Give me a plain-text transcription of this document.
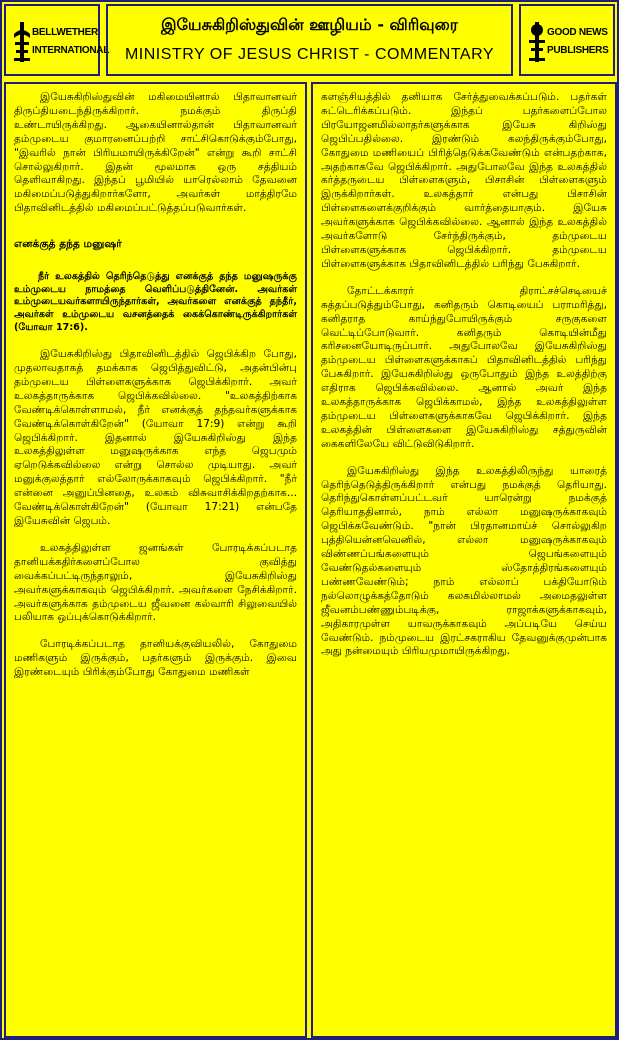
BELLWETHER
INTERNATIONAL
இயேசுகிறிஸ்துவின் ஊழியம் - விரிவுரை
MINISTRY OF JESUS CHRIST - COMMENTARY
GOOD NEWS
PUBLISHERS

இயேசுகிறிஸ்துவின் மகிமையினால் பிதாவானவர் திருப்தியடைந்திருக்கிறார். நமக்கும் திருப்தி உண்டாயிருக்கிறது. ஆகையினால்தான் பிதாவானவர் தம்முடைய குமாரனைப்பற்றி சாட்சிகொடுக்கும்போது, "இவரில் நான் பிரியமாயிருக்கிறேன்" என்று கூறி சாட்சி சொல்லுகிறார். இதன் மூலமாக ஒரு சத்தியம் தெளிவாகிறது. இந்தப் பூமியில் யாரெல்லாம் தேவனை மகிமைப்படுத்துகிறார்களோ, அவர்கள் மாத்திரமே பிதாவினிடத்தில் மகிமைப்பட்டுத்தப்படுவார்கள்.

எனக்குத் தந்த மனுஷர்

நீர் உலகத்தில் தெரிந்தெடுத்து எனக்குத் தந்த மனுஷருக்கு உம்முடைய நாமத்தை வெளிப்படுத்தினேன். அவர்கள் உம்முடையவர்களாயிருந்தார்கள், அவர்களை எனக்குத் தந்தீர், அவர்கள் உம்முடைய வசனத்தைக் கைக்கொண்டிருக்கிறார்கள் (யோவா 17:6).

இயேசுகிறிஸ்து பிதாவினிடத்தில் ஜெபிக்கிற போது, முதலாவதாகத் தமக்காக ஜெபித்துவிட்டு, அதன்பின்பு தம்முடைய பிள்ளைகளுக்காக ஜெபிக்கிறார். அவர் உலகத்தாருக்காக ஜெபிக்கவில்லை. "உலகத்திற்காக வேண்டிக்கொள்ளாமல், நீர் எனக்குத் தந்தவர்களுக்காக வேண்டிக்கொள்கிறேன்" (யோவா 17:9) என்று கூறி ஜெபிக்கிறார். இதனால் இயேசுகிறிஸ்து இந்த உலகத்திலுள்ள மனுஷருக்காக எந்த ஜெபமும் ஏறெடுக்கவில்லை என்று சொல்ல முடியாது. அவர் மனுக்குலத்தார் எல்லோருக்காகவும் ஜெபிக்கிறார். "நீர் என்னை அனுப்பினதை, உலகம் விசுவாசிக்கிறதற்காக... வேண்டிக்கொள்கிறேன்" (யோவா 17:21) என்பதே இயேசுவின் ஜெபம்.

உலகத்திலுள்ள ஜனங்கள் போரடிக்கப்படாத தானியக்கதிர்களைப்போல குவித்து வைக்கப்பட்டிருந்தாலும், இயேசுகிறிஸ்து அவர்களுக்காகவும் ஜெபிக்கிறார். அவர்களை நேசிக்கிறார். அவர்களுக்காக தம்முடைய ஜீவனை கல்வாரி சிலுவையில் பலியாக ஒப்புக்கொடுக்கிறார்.

போரடிக்கப்படாத தானியக்குவியலில், கோதுமை மணிகளும் இருக்கும், பதர்களும் இருக்கும். இவை இரண்டையும் பிரிக்கும்போது கோதுமை மணிகள்

களஞ்சியத்தில் தனியாக சேர்த்துவைக்கப்படும். பதர்கள் சுட்டெரிக்கப்படும். இந்தப் பதர்களைப்போல பிரயோஜனமில்லாதர்களுக்காக இயேசு கிறிஸ்து ஜெபிப்பதில்லை. இரண்டும் கலந்திருக்கும்போது, கோதுமை மணியைப் பிரித்தெடுக்கவேண்டும் என்பதற்காக, அதற்காகவே ஜெபிக்கிறார். அதுபோலவே இந்த உலகத்தில் கர்த்தருடைய பிள்ளைகளும், பிசாசின் பிள்ளைகளும் இருக்கிறார்கள். உலகத்தார் என்பது பிசாசின் பிள்ளைகளைக்குறிக்கும் வார்த்தையாகும். இயேசு அவர்களுக்காக ஜெபிக்கவில்லை. ஆனால் இந்த உலகத்தில் அவர்களோடு சேர்ந்திருக்கும், தம்முடைய பிள்ளைகளுக்காக ஜெபிக்கிறார். தம்முடைய பிள்ளைகளுக்காக பிதாவினிடத்தில் பரிந்து பேசுகிறார்.

தோட்டக்காரர் திராட்சச்செடியைச் சுத்தப்படுத்தும்போது, கனிதரும் கொடியைப் பராமரித்து, கனிதராத காய்ந்துபோயிருக்கும் சருகுகளை வெட்டிப்போடுவார். கனிதரும் கொடியின்மீது கரிசனையோடிருப்பார். அதுபோலவே இயேசுகிறிஸ்து தம்முடைய பிள்ளைகளுக்காகப் பிதாவினிடத்தில் பரிந்து பேசுகிறார். இயேசுகிறிஸ்து ஒருபோதும் இந்த உலத்திற்கு எதிராக ஜெபிக்கவில்லை. ஆனால் அவர் இந்த உலகத்தாருக்காக ஜெபிக்காமல், இந்த உலகத்திலுள்ள தம்முடைய பிள்ளைகளுக்காகவே ஜெபிக்கிறார். இந்த உலகத்தின் பிள்ளைகளை இயேசுகிறிஸ்து சத்துருவின் கைகளிலேயே விட்டுவிடுகிறார்.

இயேசுகிறிஸ்து இந்த உலகத்திலிருந்து யாரைத் தெரிந்தெடுத்திருக்கிறார் என்பது நமக்குத் தெரியாது. தெரிந்துகொள்ளப்பட்டவர் யாரென்று நமக்குத் தெரியாததினால், நாம் எல்லா மனுஷருக்காகவும் ஜெபிக்கவேண்டும். "நான் பிரதானமாய்ச் சொல்லுகிற புத்தியென்னவெனில், எல்லா மனுஷருக்காகவும் விண்ணப்பங்களையும் ஜெபங்களையும் வேண்டுதல்களையும் ஸ்தோத்திரங்களையும் பண்ணவேண்டும்; நாம் எல்லாப் பக்தியோடும் நல்லொழுக்கத்தோடும் கலகமில்லாமல் அமைதலுள்ள ஜீவனம்பண்ணும்படிக்கு, ராஜாக்களுக்காகவும், அதிகாரமுள்ள யாவருக்காகவும் அப்படியே செய்ய வேண்டும். நம்முடைய இரட்சகராகிய தேவனுக்குமுன்பாக அது நன்மையும் பிரியமுமாயிருக்கிறது.
